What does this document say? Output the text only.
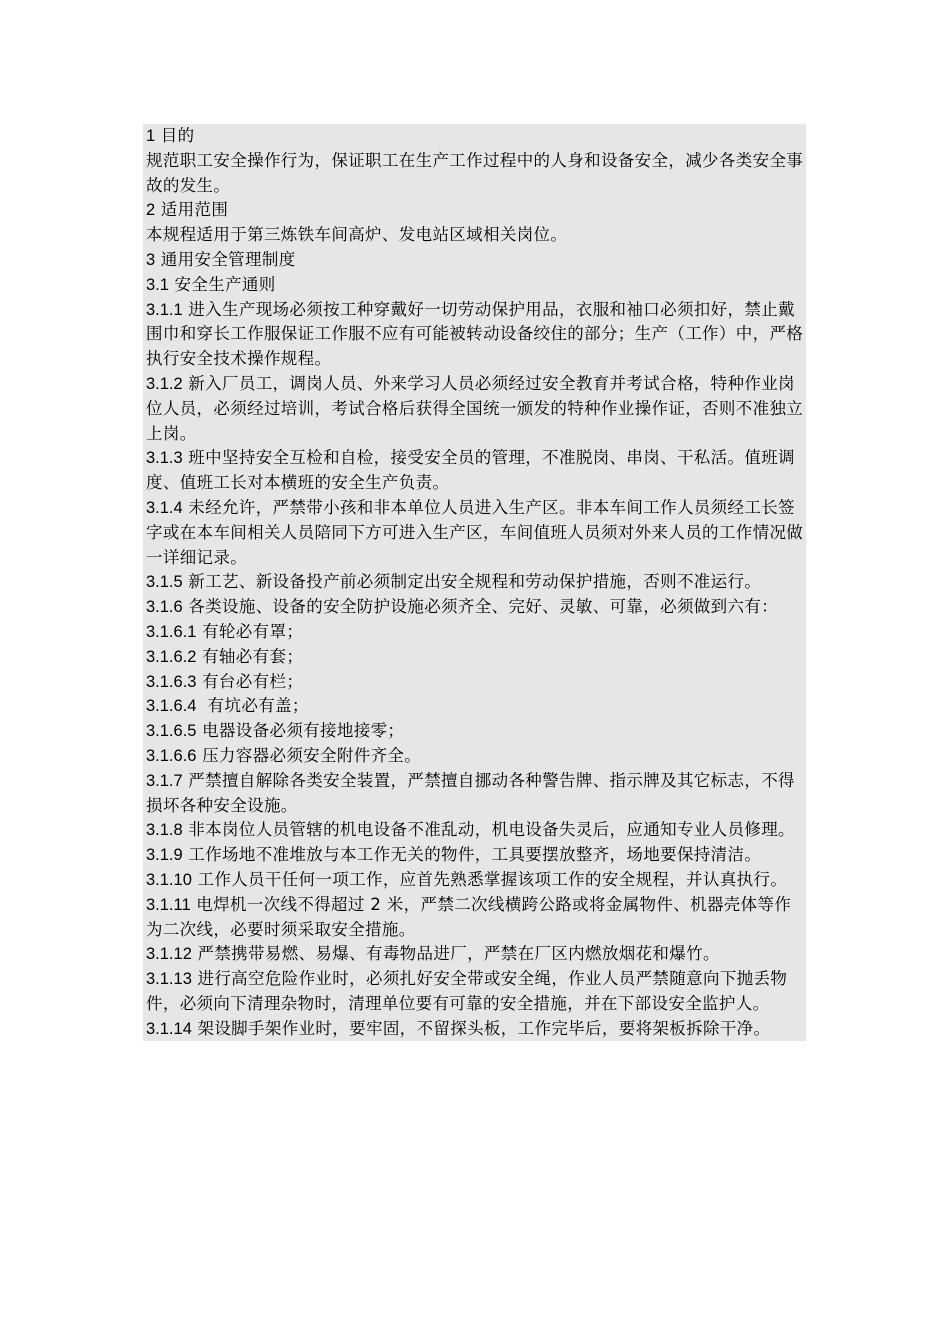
1 目的

规范职工安全操作行为，保证职工在生产工作过程中的人身和设备安全，减少各类安全事故的发生。

2 适用范围

本规程适用于第三炼铁车间高炉、发电站区域相关岗位。

3 通用安全管理制度

3.1 安全生产通则

3.1.1 进入生产现场必须按工种穿戴好一切劳动保护用品，衣服和袖口必须扣好，禁止戴围巾和穿长工作服保证工作服不应有可能被转动设备绞住的部分；生产（工作）中，严格执行安全技术操作规程。

3.1.2 新入厂员工，调岗人员、外来学习人员必须经过安全教育并考试合格，特种作业岗位人员，必须经过培训，考试合格后获得全国统一颁发的特种作业操作证，否则不准独立上岗。

3.1.3 班中坚持安全互检和自检，接受安全员的管理，不准脱岗、串岗、干私活。值班调度、值班工长对本横班的安全生产负责。

3.1.4 未经允许，严禁带小孩和非本单位人员进入生产区。非本车间工作人员须经工长签字或在本车间相关人员陪同下方可进入生产区，车间值班人员须对外来人员的工作情况做一详细记录。

3.1.5 新工艺、新设备投产前必须制定出安全规程和劳动保护措施，否则不准运行。

3.1.6 各类设施、设备的安全防护设施必须齐全、完好、灵敏、可靠，必须做到六有：

3.1.6.1 有轮必有罩；

3.1.6.2 有轴必有套；

3.1.6.3 有台必有栏；

3.1.6.4  有坑必有盖；

3.1.6.5 电器设备必须有接地接零；

3.1.6.6 压力容器必须安全附件齐全。

3.1.7 严禁擅自解除各类安全装置，严禁擅自挪动各种警告牌、指示牌及其它标志，不得损坏各种安全设施。

3.1.8 非本岗位人员管辖的机电设备不准乱动，机电设备失灵后，应通知专业人员修理。

3.1.9 工作场地不准堆放与本工作无关的物件，工具要摆放整齐，场地要保持清洁。

3.1.10 工作人员干任何一项工作，应首先熟悉掌握该项工作的安全规程，并认真执行。

3.1.11 电焊机一次线不得超过 2 米，严禁二次线横跨公路或将金属物件、机器壳体等作为二次线，必要时须采取安全措施。

3.1.12 严禁携带易燃、易爆、有毒物品进厂，严禁在厂区内燃放烟花和爆竹。

3.1.13 进行高空危险作业时，必须扎好安全带或安全绳，作业人员严禁随意向下抛丢物件，必须向下清理杂物时，清理单位要有可靠的安全措施，并在下部设安全监护人。

3.1.14 架设脚手架作业时，要牢固，不留探头板，工作完毕后，要将架板拆除干净。
